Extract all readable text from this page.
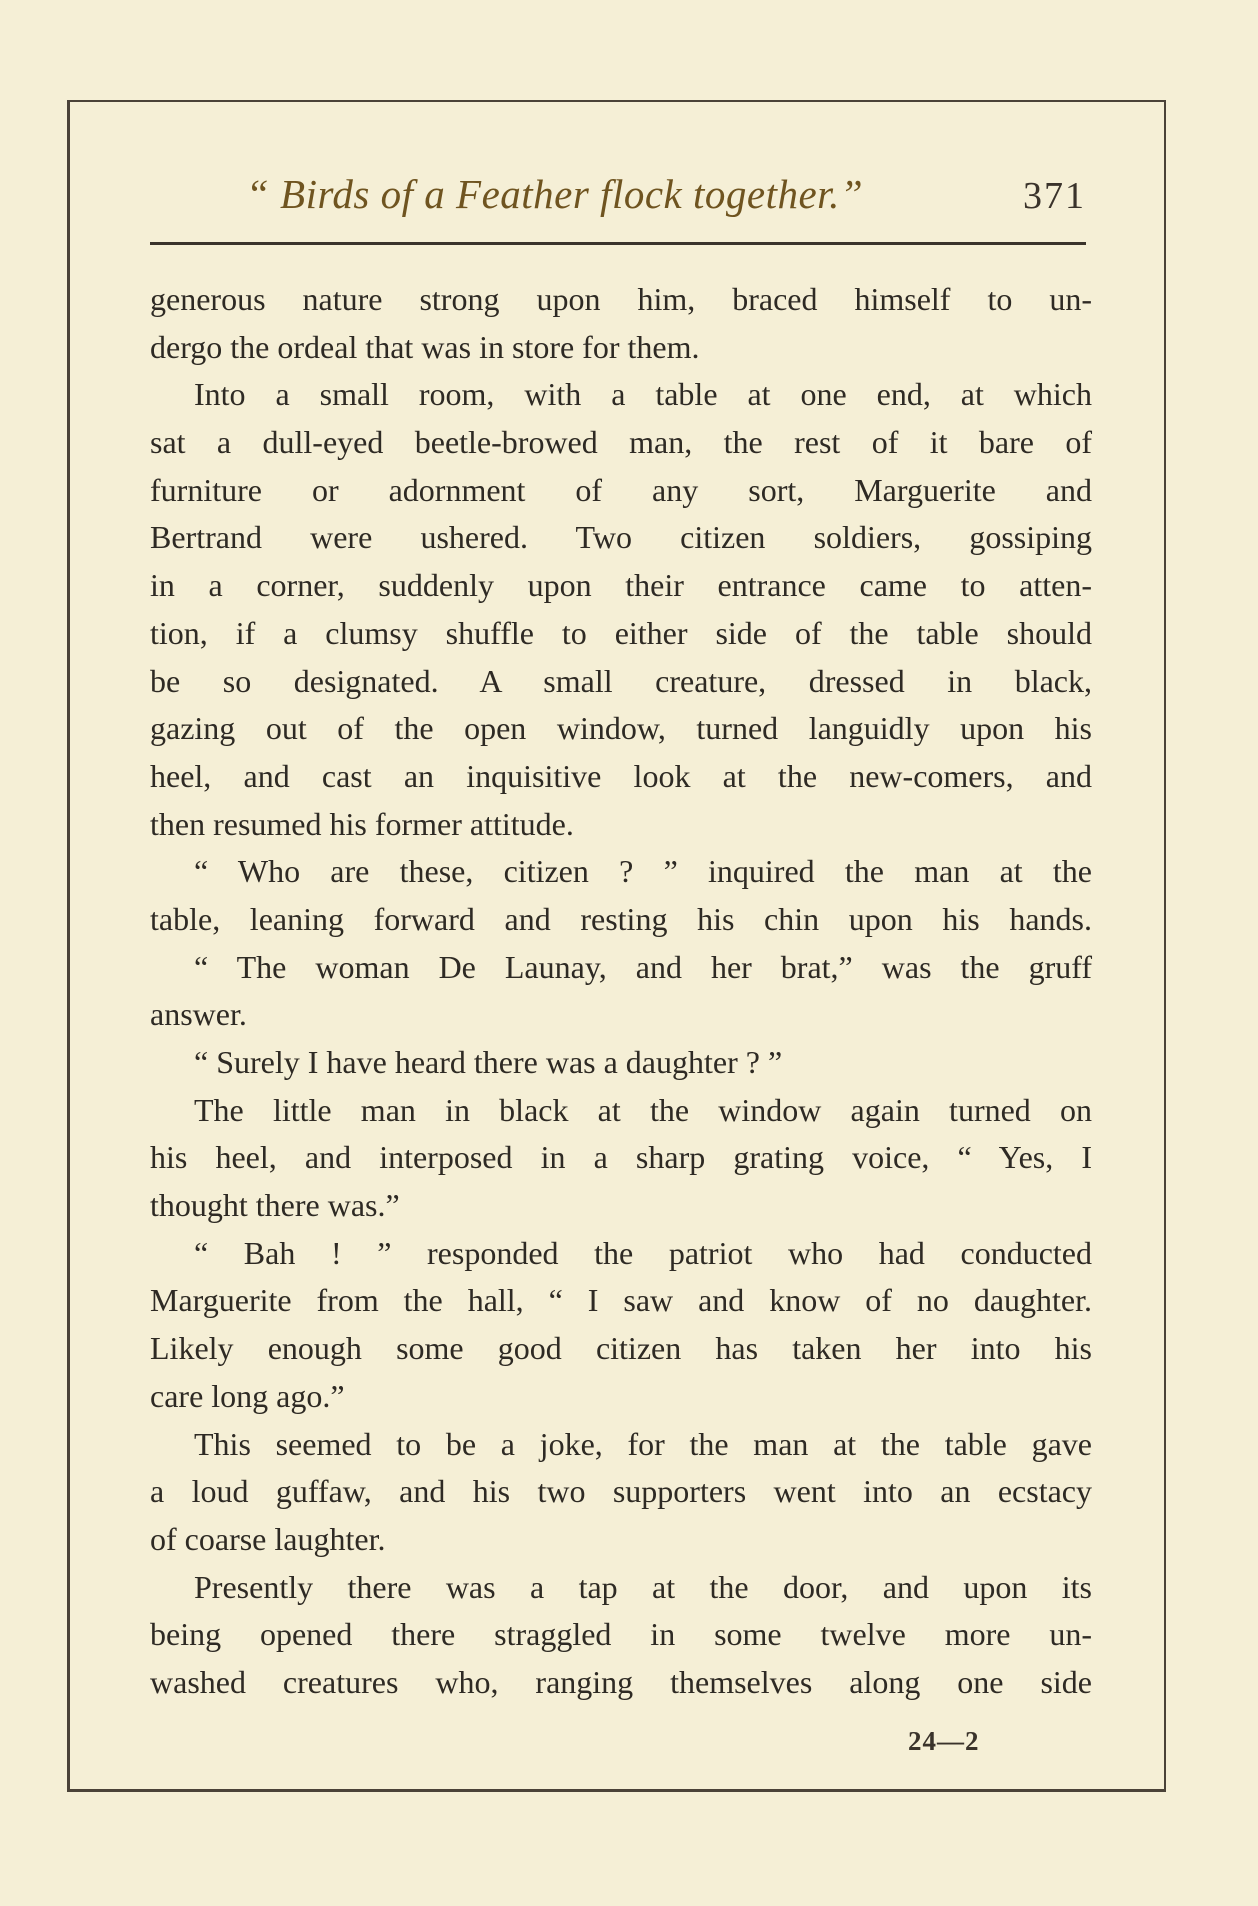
“ Birds of a Feather flock together.”	371
generous nature strong upon him, braced himself to un-
dergo the ordeal that was in store for them.
Into a small room, with a table at one end, at which
sat a dull-eyed beetle-browed man, the rest of it bare of
furniture or adornment of any sort, Marguerite and
Bertrand were ushered. Two citizen soldiers, gossiping
in a corner, suddenly upon their entrance came to atten-
tion, if a clumsy shuffle to either side of the table should
be so designated. A small creature, dressed in black,
gazing out of the open window, turned languidly upon his
heel, and cast an inquisitive look at the new-comers, and
then resumed his former attitude.
“ Who are these, citizen ? ” inquired the man at the
table, leaning forward and resting his chin upon his hands.
“ The woman De Launay, and her brat,” was the gruff
answer.
“ Surely I have heard there was a daughter ? ”
The little man in black at the window again turned on
his heel, and interposed in a sharp grating voice, “ Yes, I
thought there was.”
“ Bah ! ” responded the patriot who had conducted
Marguerite from the hall, “ I saw and know of no daughter.
Likely enough some good citizen has taken her into his
care long ago.”
This seemed to be a joke, for the man at the table gave
a loud guffaw, and his two supporters went into an ecstacy
of coarse laughter.
Presently there was a tap at the door, and upon its
being opened there straggled in some twelve more un-
washed creatures who, ranging themselves along one side
24—2
